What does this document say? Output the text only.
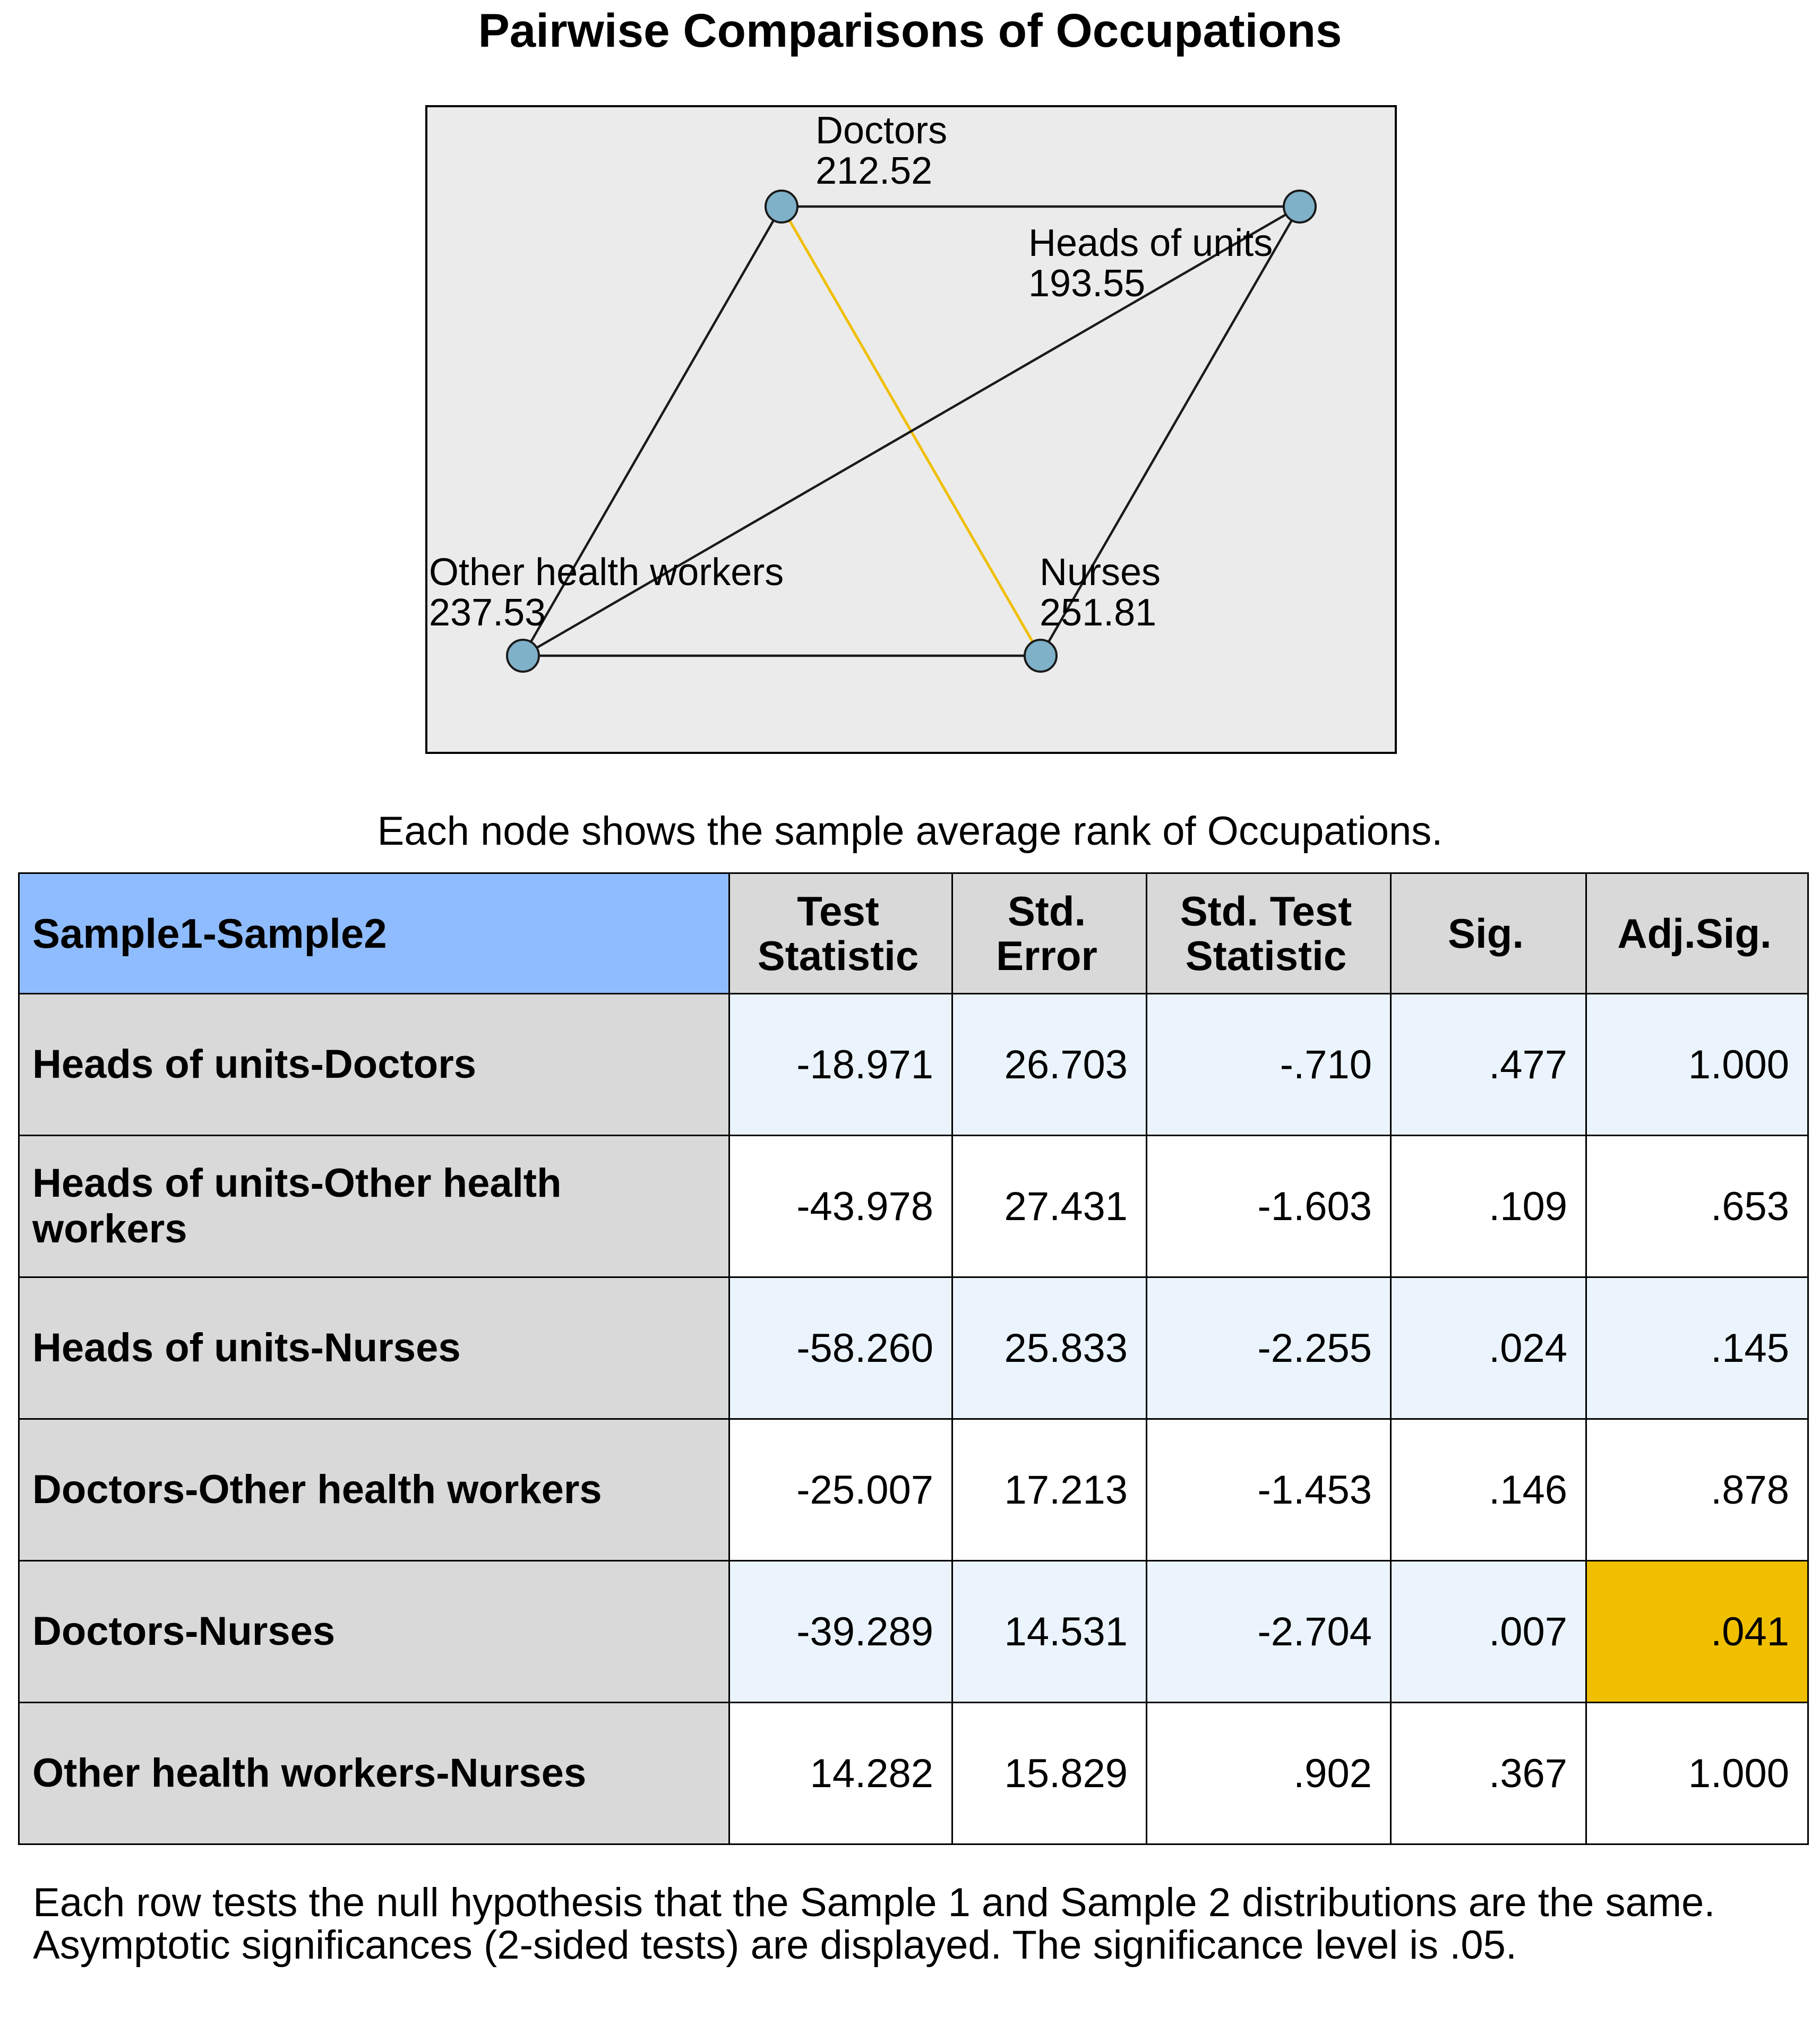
Pairwise Comparisons of Occupations
Doctors
212.52
Heads of units
193.55
Other health workers
237.53
Nurses
251.81
Each node shows the sample average rank of Occupations.
Sample1-Sample2	Test Statistic	Std. Error	Std. Test Statistic	Sig.	Adj.Sig.
Heads of units-Doctors	-18.971	26.703	-.710	.477	1.000
Heads of units-Other health workers	-43.978	27.431	-1.603	.109	.653
Heads of units-Nurses	-58.260	25.833	-2.255	.024	.145
Doctors-Other health workers	-25.007	17.213	-1.453	.146	.878
Doctors-Nurses	-39.289	14.531	-2.704	.007	.041
Other health workers-Nurses	14.282	15.829	.902	.367	1.000
Each row tests the null hypothesis that the Sample 1 and Sample 2 distributions are the same.
Asymptotic significances (2-sided tests) are displayed. The significance level is .05.
